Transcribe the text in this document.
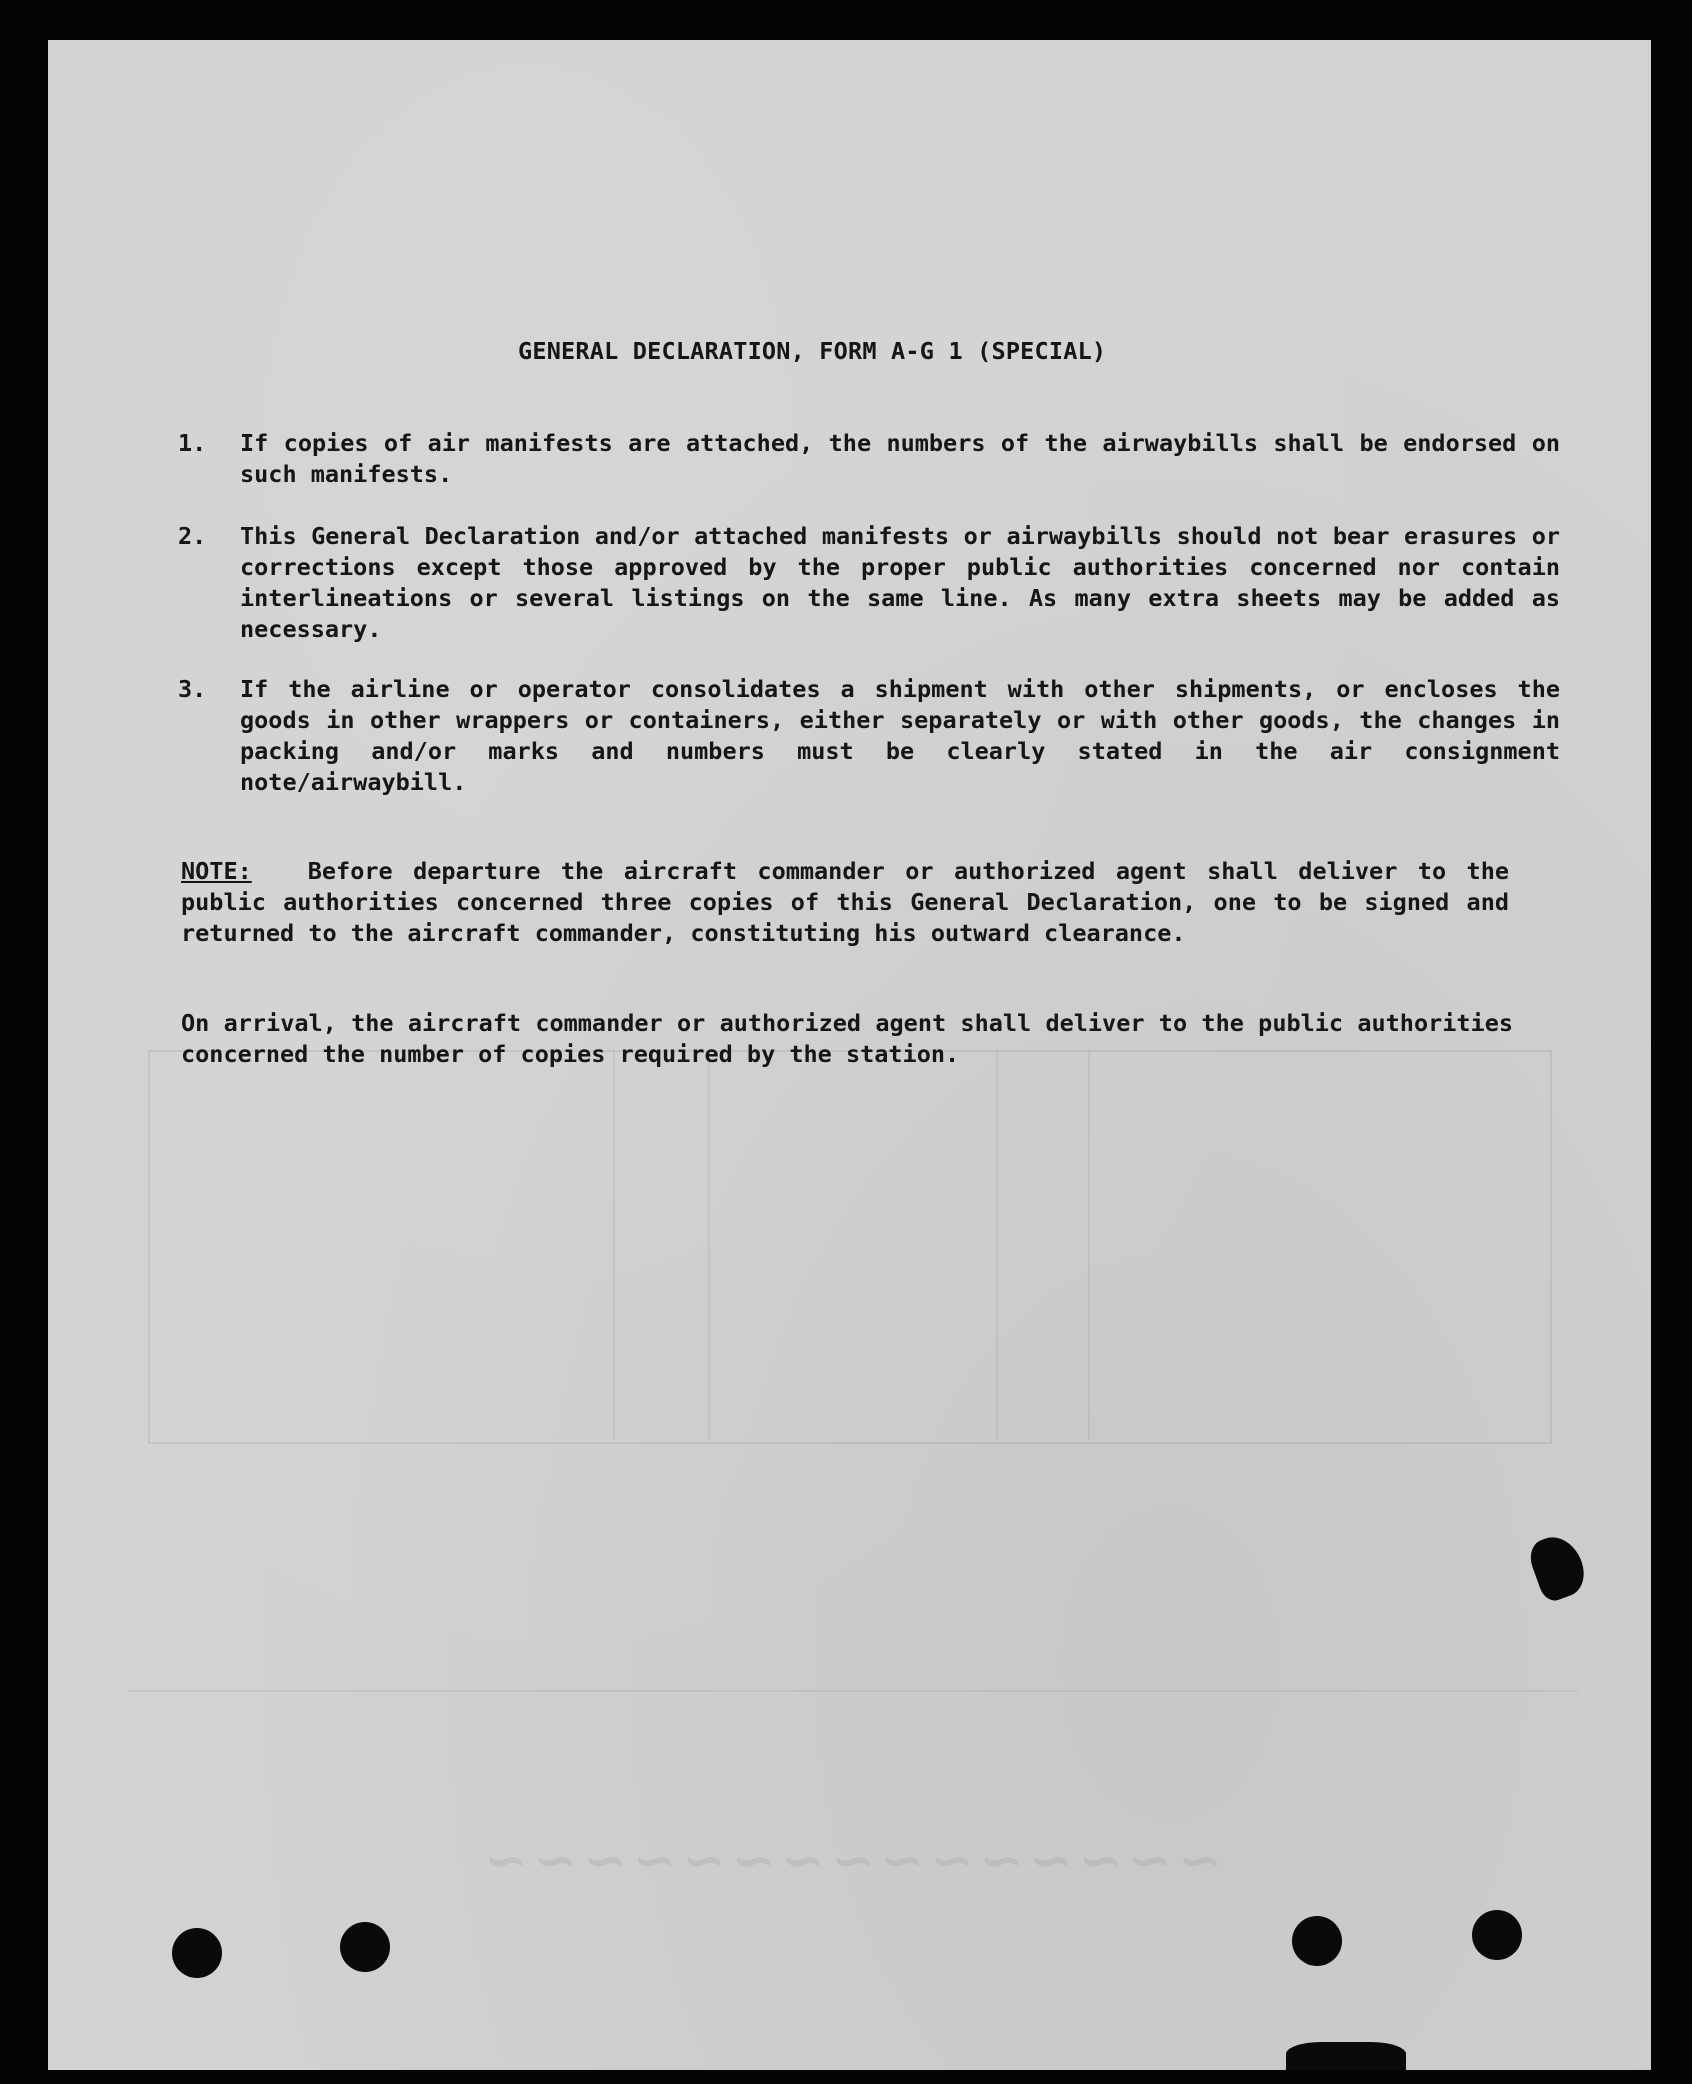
~~~~~~~~~~~~~~~
GENERAL DECLARATION, FORM A-G 1 (SPECIAL)
1. If copies of air manifests are attached, the numbers of the airwaybills shall be endorsed on such manifests.
2. This General Declaration and/or attached manifests or airwaybills should not bear erasures or corrections except those approved by the proper public authorities concerned nor contain interlineations or several listings on the same line. As many extra sheets may be added as necessary.
3. If the airline or operator consolidates a shipment with other shipments, or encloses the goods in other wrappers or containers, either separately or with other goods, the changes in packing and/or marks and numbers must be clearly stated in the air consignment note/airwaybill.
NOTE: Before departure the aircraft commander or authorized agent shall deliver to the public authorities concerned three copies of this General Declaration, one to be signed and returned to the aircraft commander, constituting his outward clearance.
On arrival, the aircraft commander or authorized agent shall deliver to the public authorities concerned the number of copies required by the station.
